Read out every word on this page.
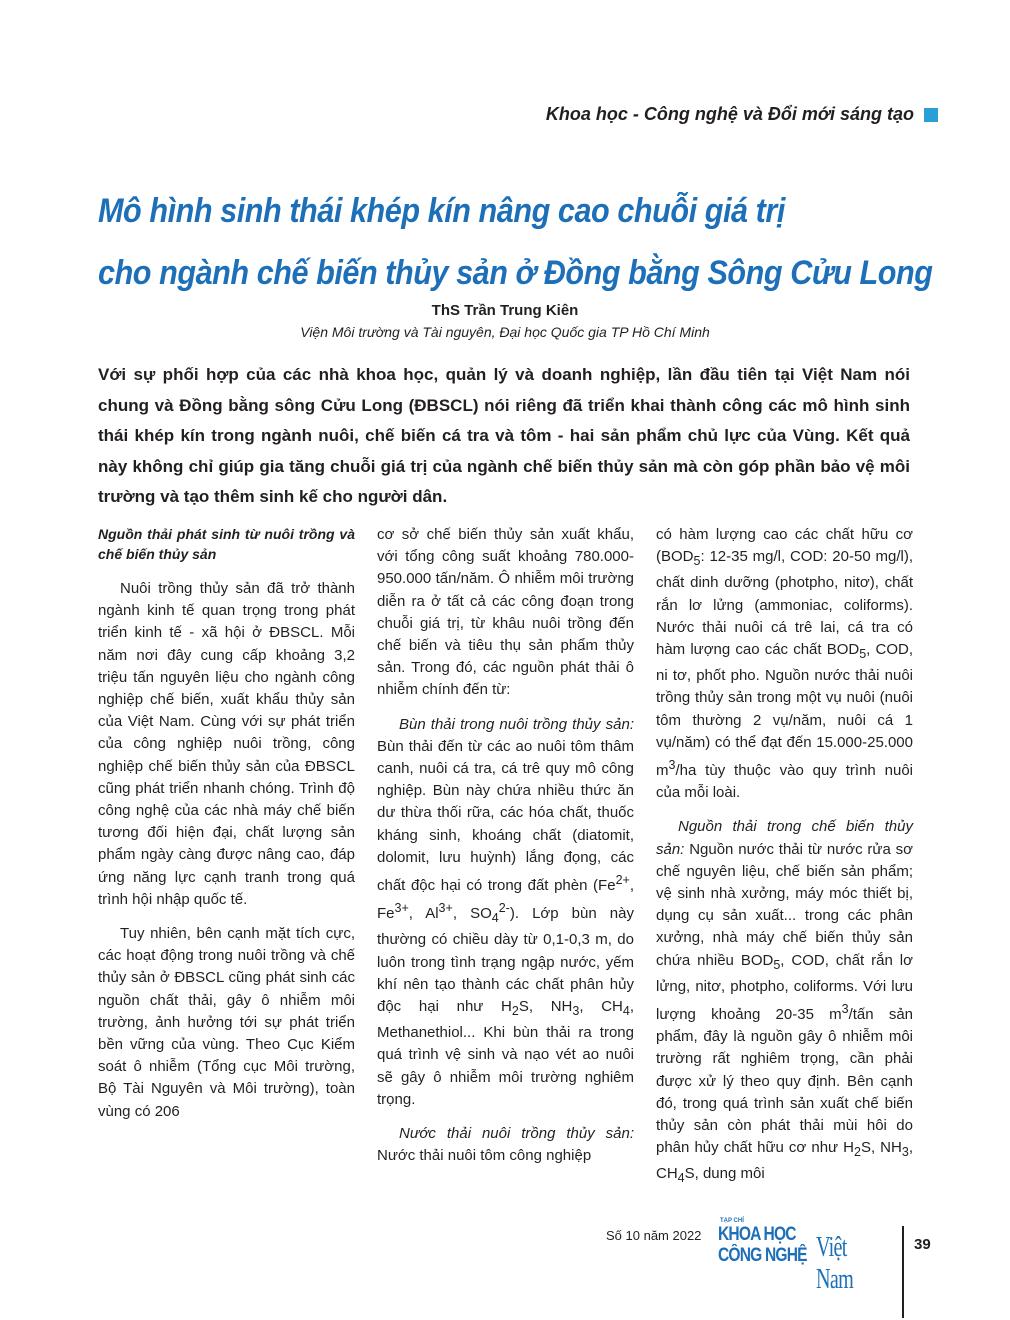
Khoa học - Công nghệ và Đổi mới sáng tạo
Mô hình sinh thái khép kín nâng cao chuỗi giá trị
cho ngành chế biến thủy sản ở Đồng bằng Sông Cửu Long
ThS Trần Trung Kiên
Viện Môi trường và Tài nguyên, Đại học Quốc gia TP Hồ Chí Minh
Với sự phối hợp của các nhà khoa học, quản lý và doanh nghiệp, lần đầu tiên tại Việt Nam nói chung và Đồng bằng sông Cửu Long (ĐBSCL) nói riêng đã triển khai thành công các mô hình sinh thái khép kín trong ngành nuôi, chế biến cá tra và tôm - hai sản phẩm chủ lực của Vùng. Kết quả này không chỉ giúp gia tăng chuỗi giá trị của ngành chế biến thủy sản mà còn góp phần bảo vệ môi trường và tạo thêm sinh kế cho người dân.
Nguồn thải phát sinh từ nuôi trồng và chế biến thủy sản

Nuôi trồng thủy sản đã trở thành ngành kinh tế quan trọng trong phát triển kinh tế - xã hội ở ĐBSCL. Mỗi năm nơi đây cung cấp khoảng 3,2 triệu tấn nguyên liệu cho ngành công nghiệp chế biến, xuất khẩu thủy sản của Việt Nam. Cùng với sự phát triển của công nghiệp nuôi trồng, công nghiệp chế biến thủy sản của ĐBSCL cũng phát triển nhanh chóng. Trình độ công nghệ của các nhà máy chế biến tương đối hiện đại, chất lượng sản phẩm ngày càng được nâng cao, đáp ứng năng lực cạnh tranh trong quá trình hội nhập quốc tế.

Tuy nhiên, bên cạnh mặt tích cực, các hoạt động trong nuôi trồng và chế thủy sản ở ĐBSCL cũng phát sinh các nguồn chất thải, gây ô nhiễm môi trường, ảnh hưởng tới sự phát triển bền vững của vùng. Theo Cục Kiểm soát ô nhiễm (Tổng cục Môi trường, Bộ Tài Nguyên và Môi trường), toàn vùng có 206

cơ sở chế biến thủy sản xuất khẩu, với tổng công suất khoảng 780.000-950.000 tấn/năm. Ô nhiễm môi trường diễn ra ở tất cả các công đoạn trong chuỗi giá trị, từ khâu nuôi trồng đến chế biến và tiêu thụ sản phẩm thủy sản. Trong đó, các nguồn phát thải ô nhiễm chính đến từ:

Bùn thải trong nuôi trồng thủy sản: Bùn thải đến từ các ao nuôi tôm thâm canh, nuôi cá tra, cá trê quy mô công nghiệp. Bùn này chứa nhiều thức ăn dư thừa thối rữa, các hóa chất, thuốc kháng sinh, khoáng chất (diatomit, dolomit, lưu huỳnh) lắng đọng, các chất độc hại có trong đất phèn ($Fe^{2+}$, $Fe^{3+}$, $Al^{3+}$, $SO_4^{2-}$). Lớp bùn này thường có chiều dày từ 0,1-0,3 m, do luôn trong tình trạng ngập nước, yếm khí nên tạo thành các chất phân hủy độc hại như $H_2S$, $NH_3$, $CH_4$, Methanethiol... Khi bùn thải ra trong quá trình vệ sinh và nạo vét ao nuôi sẽ gây ô nhiễm môi trường nghiêm trọng.

Nước thải nuôi trồng thủy sản: Nước thải nuôi tôm công nghiệp

có hàm lượng cao các chất hữu cơ ($BOD_5$: 12-35 mg/l, COD: 20-50 mg/l), chất dinh dưỡng (photpho, nitơ), chất rắn lơ lửng (ammoniac, coliforms). Nước thải nuôi cá trê lai, cá tra có hàm lượng cao các chất $BOD_5$, COD, ni tơ, phốt pho. Nguồn nước thải nuôi trồng thủy sản trong một vụ nuôi (nuôi tôm thường 2 vụ/năm, nuôi cá 1 vụ/năm) có thể đạt đến 15.000-25.000 $m^3/ha$ tùy thuộc vào quy trình nuôi của mỗi loài.

Nguồn thải trong chế biến thủy sản: Nguồn nước thải từ nước rửa sơ chế nguyên liệu, chế biến sản phẩm; vệ sinh nhà xưởng, máy móc thiết bị, dụng cụ sản xuất... trong các phân xưởng, nhà máy chế biến thủy sản chứa nhiều $BOD_5$, COD, chất rắn lơ lửng, nitơ, photpho, coliforms. Với lưu lượng khoảng 20-35 $m^3$/tấn sản phẩm, đây là nguồn gây ô nhiễm môi trường rất nghiêm trọng, cần phải được xử lý theo quy định. Bên cạnh đó, trong quá trình sản xuất chế biến thủy sản còn phát thải mùi hôi do phân hủy chất hữu cơ như $H_2S$, $NH_3$, $CH_4S$, dung môi

Số 10 năm 2022
TẠP CHÍ
KHOA HỌC
CÔNG NGHỆ Việt Nam
39
